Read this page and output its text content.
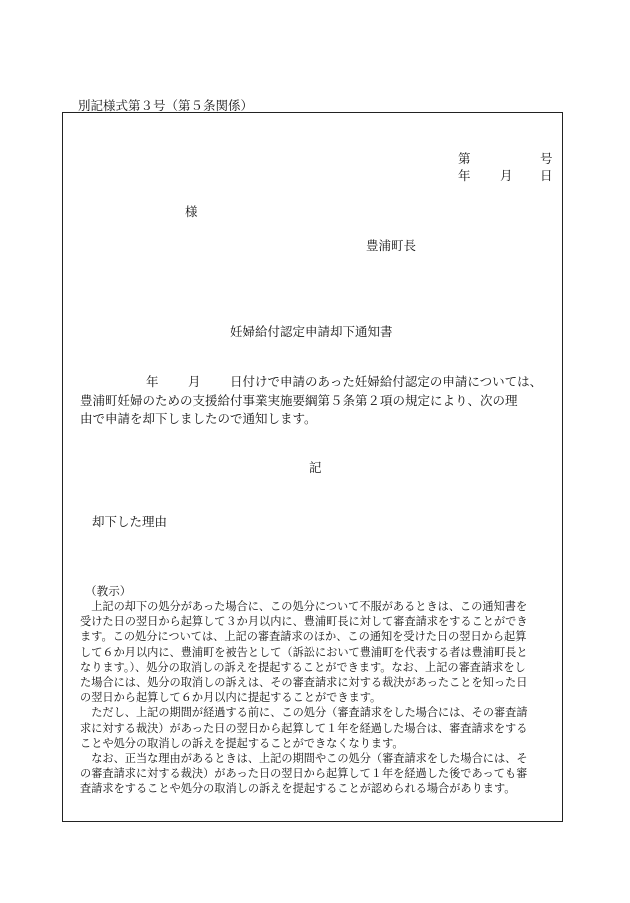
別記様式第３号（第５条関係）
第	号
年 月 日
様
豊浦町長
妊婦給付認定申請却下通知書
年 月 日付けで申請のあった妊婦給付認定の申請については、
豊浦町妊婦のための支援給付事業実施要綱第５条第２項の規定により、次の理
由で申請を却下しましたので通知します。
記
却下した理由
（教示）
　上記の却下の処分があった場合に、この処分について不服があるときは、この通知書を
受けた日の翌日から起算して３か月以内に、豊浦町長に対して審査請求をすることができ
ます。この処分については、上記の審査請求のほか、この通知を受けた日の翌日から起算
して６か月以内に、豊浦町を被告として（訴訟において豊浦町を代表する者は豊浦町長と
なります。）、処分の取消しの訴えを提起することができます。なお、上記の審査請求をし
た場合には、処分の取消しの訴えは、その審査請求に対する裁決があったことを知った日
の翌日から起算して６か月以内に提起することができます。
　ただし、上記の期間が経過する前に、この処分（審査請求をした場合には、その審査請
求に対する裁決）があった日の翌日から起算して１年を経過した場合は、審査請求をする
ことや処分の取消しの訴えを提起することができなくなります。
　なお、正当な理由があるときは、上記の期間やこの処分（審査請求をした場合には、そ
の審査請求に対する裁決）があった日の翌日から起算して１年を経過した後であっても審
査請求をすることや処分の取消しの訴えを提起することが認められる場合があります。
